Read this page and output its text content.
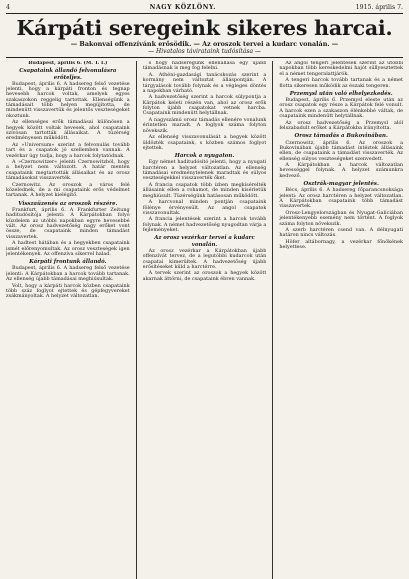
4	NAGY KÖZLÖNY.	1915. április 7.
Kárpáti seregeink sikeres harcai.
— Bakonvai offenzívánk erősödik. — Az oroszok tervei a kudarc vonalán. —
— Hivatalos távirataink tudósítása —

Budapest, április 6. (M. T. I.)

Csapataink állandó felvonulásra erőteljes.

Budapest, április 6. A hadsereg felső vezetése jelenti, hogy a kárpáti fronton és tegnap hevesebb harcok voltak, amelyek egyes szakaszokon reggelig tartottak. Ellenségünk a támadásait több helyen megújította, de mindenütt visszavertük és jelentős veszteségeket okoztunk.

Az ellenséges erők támadásai különösen a hegyek között voltak hevesek, ahol csapataink szívósan tartották állásaikat. A tüzérség eredményesen működött.

Az »Universum« szerint a felvonulás tovább tart és a csapatok jó szellemben vannak. A vezérkar úgy tudja, hogy a harcok folytatódnak.

A »Czernowitzer« jelenti Czernowitzból, hogy a helyzet nem változott. A határ mentén csapataink megtartották állásaikat és az orosz támadásokat visszaverték.

Czernowitz. Az oroszok a város felé közelednek, de a mi csapataink erős védelmet tartanak. A helyzet kielégítő.

Visszaüzenés az oroszok részére.

Frankfurt, április 6. A Frankfurter Zeitung haditudósítója jelenti: A Kárpátokban folyó küzdelem az utóbbi napokban egyre hevesebbé vált. Az orosz hadvezetőség nagy erőket vont össze, de csapataink minden támadást visszavertek.

A hadtest hátában és a hegyekben csapataink ismét előrenyomultak. Az orosz veszteségek igen jelentékenyek. Az offenzíva sikerrel halad.

Kárpáti frontunk állandó.

Budapest, április 6. A hadsereg felső vezetése jelenti: A Kárpátokban a harcok tovább tartanak. Az ellenség újabb támadásai meghiúsultak.

Volt, hogy a kárpáti harcok közben csapataink több száz foglyot ejtettek és gépfegyvereket zsákmányoltak. A helyzet változatlan.

s hogy hadseregünk ellenállása egy újabb támadásnak is meg fog felelni.

A. Athéni-gazdasági tanácskozás szerint a kormány nem változtat álláspontján. A tárgyalások tovább folynak és a végleges döntés a napokban várható.

A hadvezetőség szerint a harcok súlypontja a Kárpátok keleti részén van, ahol az orosz erők folyton újabb csapatokat vetnek harcba. Csapataink mindenütt helytállnak.

A nagyszámú orosz támadás ellenére vonalunk érintetlen maradt. A foglyok száma folyton növekszik.

Az ellenség visszavonulását a hegyek között üldözték csapataink, s közben számos foglyot ejtettek.

Harcok a nyugaton.

Egy német haditudósító jelenti, hogy a nyugati harctéren a helyzet változatlan. Az ellenség támadásai eredménytelenek maradtak és súlyos veszteségekkel visszaverték őket.

A francia csapatok több ízben megkísérelték állásaink ellen a rohamot, de minden kísérletük meghiúsult. Tüzérségünk hatásosan működött.

A harcvonal minden pontján csapataink fölénye érvényesült. Az angol csapatok visszavonultak.

A francia jelentések szerint a harcok tovább folynak. A német hadvezetőség nyugodtan várja a fejleményeket.

Az orosz vezérkar tervei a kudarc vonalán.

Az orosz vezérkar a Kárpátokban újabb offenzívát tervez, de a legutóbbi kudarcok után csapatai kimerültek. A hadvezetőség újabb erősítéseket küld a harctérre.

A tervek szerint az oroszok a hegyek között akarnak áttörni, de csapataink ébren vannak.

Az angol tengeri jelentések szerint az utóbbi napokban több kereskedelmi hajót süllyesztettek el a német tengeralattjárók.

A tengeri harcok tovább tartanak és a német flotta sikeresen működik az északi tengeren.

Przemysl után való elhelyezkedés.

Budapest, április 6. Przemysl eleste után az orosz csapatok egy része a Kárpátok felé vonult. A harcok ezen a szakaszon élénkebbé váltak, de csapataink mindenütt helytállnak.

Az orosz hadvezetőség a Przemysl alól felszabadult erőket a Kárpátokba irányította.

Orosz támadás a Bukovinában.

Czernowitz, április 6. Az oroszok a Bukovinában újabb támadást intéztek állásaink ellen, de csapataink a támadást visszaverték. Az ellenség súlyos veszteségeket szenvedett.

A Kárpátokban a harcok változatlan hevességgel folynak. A helyzet számunkra kedvező.

Osztrák-magyar jelentés.

Bécs, április 6. A hadsereg főparancsnoksága jelenti: Az orosz harctéren a helyzet változatlan. A Kárpátokban csapataink több támadást visszavertek.

Orosz-Lengyelországban és Nyugat-Galíciában jelentékenyebb esemény nem történt. A foglyok száma folyton növekszik.

A szerb harctéren csend van. A délnyugati határon nincs változás.

Höfer altábornagy, a vezérkar főnökének helyettese.
